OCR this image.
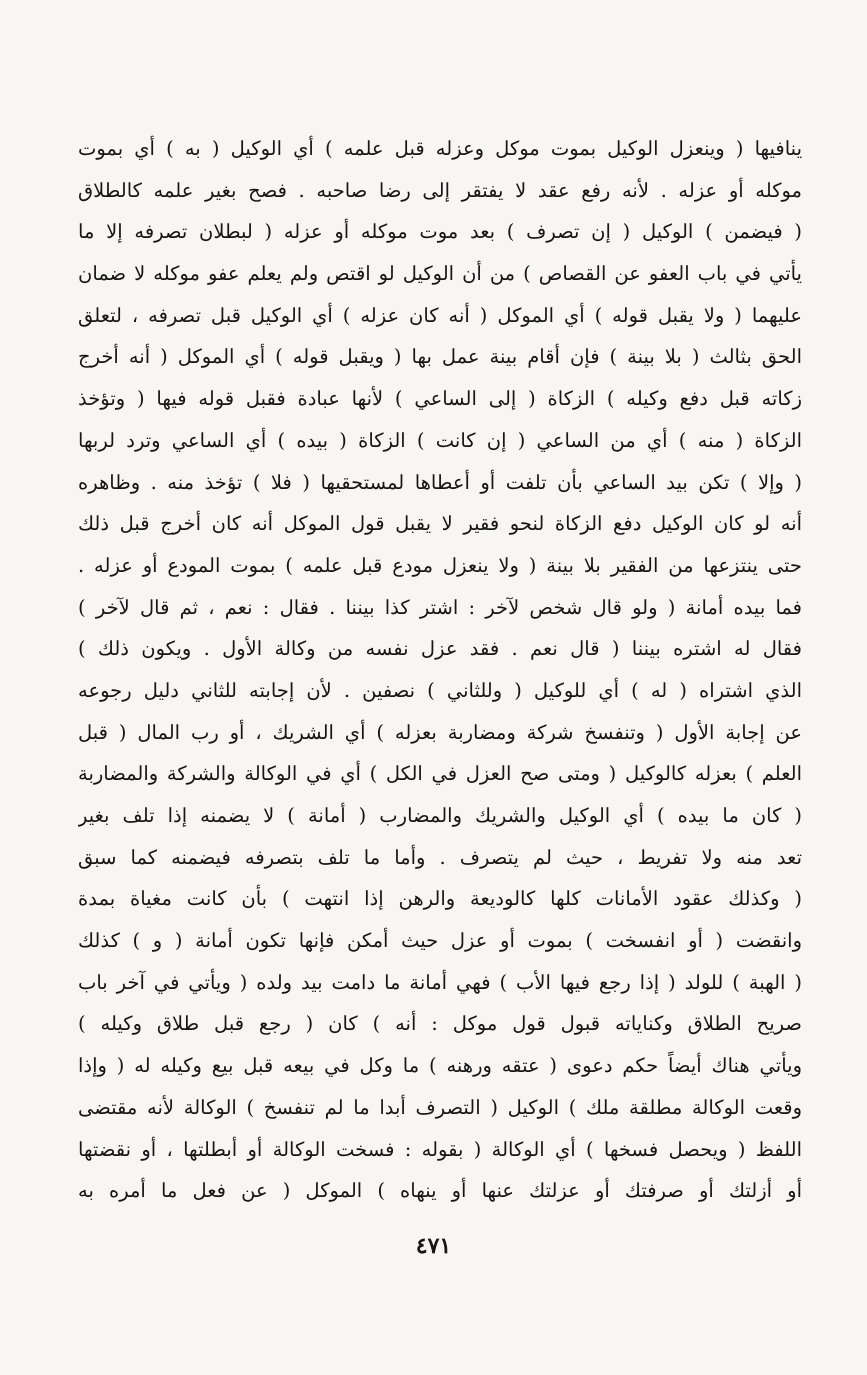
ينافيها ( وينعزل الوكيل بموت موكل وعزله قبل علمه ) أي الوكيل ( به ) أي بموت
موكله أو عزله . لأنه رفع عقد لا يفتقر إلى رضا صاحبه . فصح بغير علمه كالطلاق
( فيضمن ) الوكيل ( إن تصرف ) بعد موت موكله أو عزله ( لبطلان تصرفه إلا ما
يأتي في باب العفو عن القصاص ) من أن الوكيل لو اقتص ولم يعلم عفو موكله لا ضمان
عليهما ( ولا يقبل قوله ) أي الموكل ( أنه كان عزله ) أي الوكيل قبل تصرفه ، لتعلق
الحق بثالث ( بلا بينة ) فإن أقام بينة عمل بها ( ويقبل قوله ) أي الموكل ( أنه أخرج
زكاته قبل دفع وكيله ) الزكاة ( إلى الساعي ) لأنها عبادة فقبل قوله فيها ( وتؤخذ
الزكاة ( منه ) أي من الساعي ( إن كانت ) الزكاة ( بيده ) أي الساعي وترد لربها
( وإلا ) تكن بيد الساعي بأن تلفت أو أعطاها لمستحقيها ( فلا ) تؤخذ منه . وظاهره
أنه لو كان الوكيل دفع الزكاة لنحو فقير لا يقبل قول الموكل أنه كان أخرج قبل ذلك
حتى ينتزعها من الفقير بلا بينة ( ولا ينعزل مودع قبل علمه ) بموت المودع أو عزله .
فما بيده أمانة ( ولو قال شخص لآخر : اشتر كذا بيننا . فقال : نعم ، ثم قال لآخر )
فقال له اشتره بيننا ( قال نعم . فقد عزل نفسه من وكالة الأول . ويكون ذلك )
الذي اشتراه ( له ) أي للوكيل ( وللثاني ) نصفين . لأن إجابته للثاني دليل رجوعه
عن إجابة الأول ( وتنفسخ شركة ومضاربة بعزله ) أي الشريك ، أو رب المال ( قبل
العلم ) بعزله كالوكيل ( ومتى صح العزل في الكل ) أي في الوكالة والشركة والمضاربة
( كان ما بيده ) أي الوكيل والشريك والمضارب ( أمانة ) لا يضمنه إذا تلف بغير
تعد منه ولا تفريط ، حيث لم يتصرف . وأما ما تلف بتصرفه فيضمنه كما سبق
( وكذلك عقود الأمانات كلها كالوديعة والرهن إذا انتهت ) بأن كانت مغياة بمدة
وانقضت ( أو انفسخت ) بموت أو عزل حيث أمكن فإنها تكون أمانة ( و ) كذلك
( الهبة ) للولد ( إذا رجع فيها الأب ) فهي أمانة ما دامت بيد ولده ( ويأتي في آخر باب
صريح الطلاق وكناياته قبول قول موكل : أنه ) كان ( رجع قبل طلاق وكيله )
ويأتي هناك أيضاً حكم دعوى ( عتقه ورهنه ) ما وكل في بيعه قبل بيع وكيله له ( وإذا
وقعت الوكالة مطلقة ملك ) الوكيل ( التصرف أبدا ما لم تنفسخ ) الوكالة لأنه مقتضى
اللفظ ( ويحصل فسخها ) أي الوكالة ( بقوله : فسخت الوكالة أو أبطلتها ، أو نقضتها
أو أزلتك أو صرفتك أو عزلتك عنها أو ينهاه ) الموكل ( عن فعل ما أمره به
٤٧١
